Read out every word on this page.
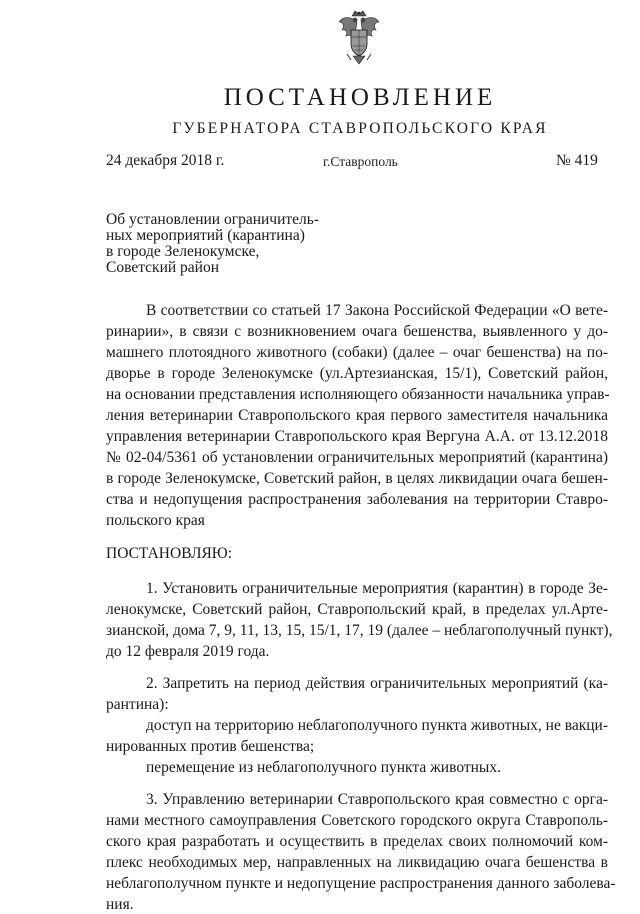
ПОСТАНОВЛЕНИЕ
ГУБЕРНАТОРА СТАВРОПОЛЬСКОГО КРАЯ
24 декабря 2018 г.	г.Ставрополь	№ 419
Об установлении ограничитель-
ных мероприятий (карантина)
в городе Зеленокумске,
Советский район
В соответствии со статьей 17 Закона Российской Федерации «О вете-
ринарии», в связи с возникновением очага бешенства, выявленного у до-
машнего плотоядного животного (собаки) (далее – очаг бешенства) на по-
дворье в городе Зеленокумске (ул.Артезианская, 15/1), Советский район,
на основании представления исполняющего обязанности начальника управ-
ления ветеринарии Ставропольского края первого заместителя начальника
управления ветеринарии Ставропольского края Вергуна А.А. от 13.12.2018
№ 02-04/5361 об установлении ограничительных мероприятий (карантина)
в городе Зеленокумске, Советский район, в целях ликвидации очага бешен-
ства и недопущения распространения заболевания на территории Ставро-
польского края
ПОСТАНОВЛЯЮ:
1. Установить ограничительные мероприятия (карантин) в городе Зе-
ленокумске, Советский район, Ставропольский край, в пределах ул.Арте-
зианской, дома 7, 9, 11, 13, 15, 15/1, 17, 19 (далее – неблагополучный пункт),
до 12 февраля 2019 года.
2. Запретить на период действия ограничительных мероприятий (ка-
рантина):
доступ на территорию неблагополучного пункта животных, не вакци-
нированных против бешенства;
перемещение из неблагополучного пункта животных.
3. Управлению ветеринарии Ставропольского края совместно с орга-
нами местного самоуправления Советского городского округа Ставрополь-
ского края разработать и осуществить в пределах своих полномочий ком-
плекс необходимых мер, направленных на ликвидацию очага бешенства в
неблагополучном пункте и недопущение распространения данного заболева-
ния.
